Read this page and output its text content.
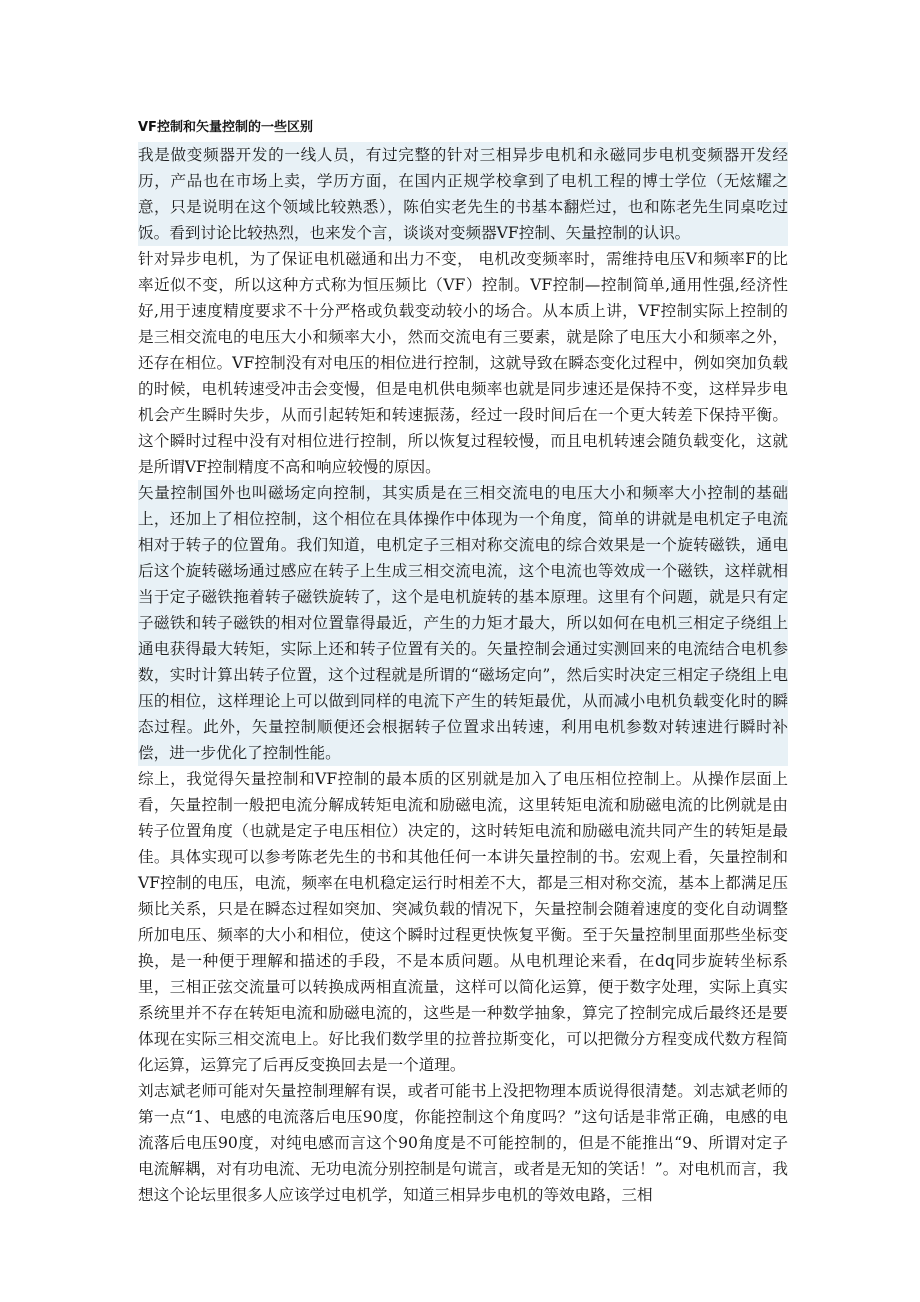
VF控制和矢量控制的一些区别

我是做变频器开发的一线人员，有过完整的针对三相异步电机和永磁同步电机变频器开发经历，产品也在市场上卖，学历方面，在国内正规学校拿到了电机工程的博士学位（无炫耀之意，只是说明在这个领域比较熟悉），陈伯实老先生的书基本翻烂过，也和陈老先生同桌吃过饭。看到讨论比较热烈，也来发个言，谈谈对变频器VF控制、矢量控制的认识。

针对异步电机，为了保证电机磁通和出力不变， 电机改变频率时，需维持电压V和频率F的比率近似不变，所以这种方式称为恒压频比（VF）控制。VF控制—控制简单,通用性强,经济性好,用于速度精度要求不十分严格或负载变动较小的场合。从本质上讲，VF控制实际上控制的是三相交流电的电压大小和频率大小，然而交流电有三要素，就是除了电压大小和频率之外，还存在相位。VF控制没有对电压的相位进行控制，这就导致在瞬态变化过程中，例如突加负载的时候，电机转速受冲击会变慢，但是电机供电频率也就是同步速还是保持不变，这样异步电机会产生瞬时失步，从而引起转矩和转速振荡，经过一段时间后在一个更大转差下保持平衡。这个瞬时过程中没有对相位进行控制，所以恢复过程较慢，而且电机转速会随负载变化，这就是所谓VF控制精度不高和响应较慢的原因。

矢量控制国外也叫磁场定向控制，其实质是在三相交流电的电压大小和频率大小控制的基础上，还加上了相位控制，这个相位在具体操作中体现为一个角度，简单的讲就是电机定子电流相对于转子的位置角。我们知道，电机定子三相对称交流电的综合效果是一个旋转磁铁，通电后这个旋转磁场通过感应在转子上生成三相交流电流，这个电流也等效成一个磁铁，这样就相当于定子磁铁拖着转子磁铁旋转了，这个是电机旋转的基本原理。这里有个问题，就是只有定子磁铁和转子磁铁的相对位置靠得最近，产生的力矩才最大，所以如何在电机三相定子绕组上通电获得最大转矩，实际上还和转子位置有关的。矢量控制会通过实测回来的电流结合电机参数，实时计算出转子位置，这个过程就是所谓的“磁场定向”，然后实时决定三相定子绕组上电压的相位，这样理论上可以做到同样的电流下产生的转矩最优，从而减小电机负载变化时的瞬态过程。此外，矢量控制顺便还会根据转子位置求出转速，利用电机参数对转速进行瞬时补偿，进一步优化了控制性能。

综上，我觉得矢量控制和VF控制的最本质的区别就是加入了电压相位控制上。从操作层面上看，矢量控制一般把电流分解成转矩电流和励磁电流，这里转矩电流和励磁电流的比例就是由转子位置角度（也就是定子电压相位）决定的，这时转矩电流和励磁电流共同产生的转矩是最佳。具体实现可以参考陈老先生的书和其他任何一本讲矢量控制的书。宏观上看，矢量控制和VF控制的电压，电流，频率在电机稳定运行时相差不大，都是三相对称交流，基本上都满足压频比关系，只是在瞬态过程如突加、突减负载的情况下，矢量控制会随着速度的变化自动调整所加电压、频率的大小和相位，使这个瞬时过程更快恢复平衡。至于矢量控制里面那些坐标变换，是一种便于理解和描述的手段，不是本质问题。从电机理论来看，在dq同步旋转坐标系里，三相正弦交流量可以转换成两相直流量，这样可以简化运算，便于数字处理，实际上真实系统里并不存在转矩电流和励磁电流的，这些是一种数学抽象，算完了控制完成后最终还是要体现在实际三相交流电上。好比我们数学里的拉普拉斯变化，可以把微分方程变成代数方程简化运算，运算完了后再反变换回去是一个道理。

刘志斌老师可能对矢量控制理解有误，或者可能书上没把物理本质说得很清楚。刘志斌老师的第一点“1、电感的电流落后电压90度，你能控制这个角度吗？”这句话是非常正确，电感的电流落后电压90度，对纯电感而言这个90角度是不可能控制的，但是不能推出“9、所谓对定子电流解耦，对有功电流、无功电流分别控制是句谎言，或者是无知的笑话！”。对电机而言，我想这个论坛里很多人应该学过电机学，知道三相异步电机的等效电路，三相
